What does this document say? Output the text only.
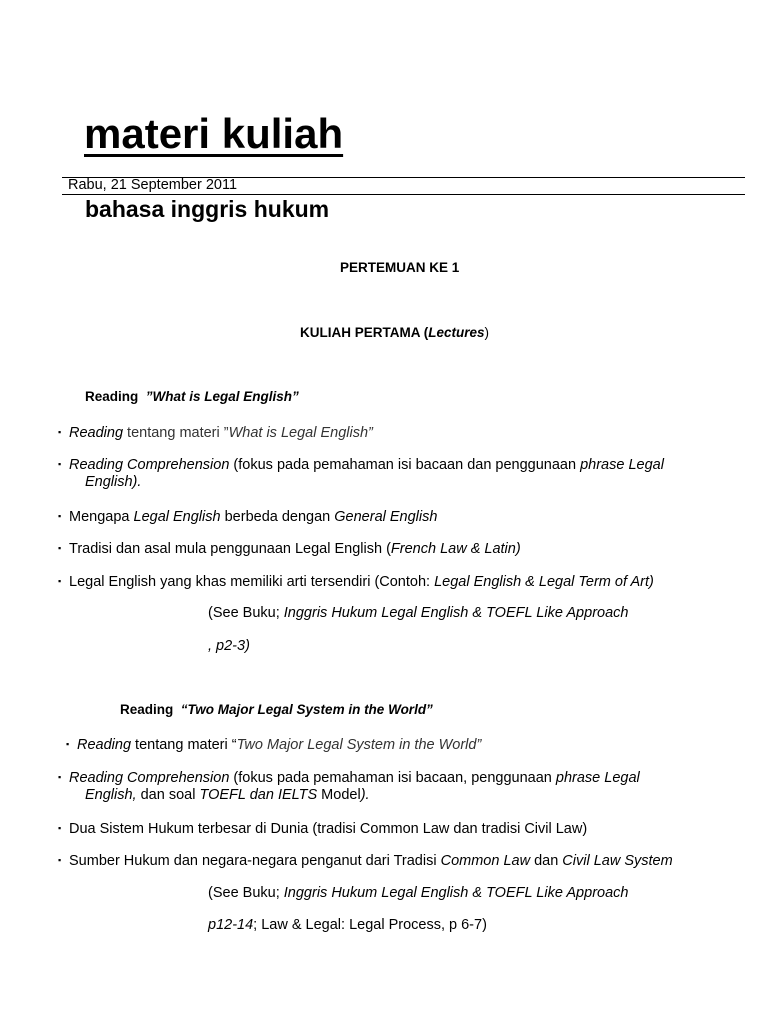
materi kuliah
Rabu, 21 September 2011
bahasa inggris hukum
PERTEMUAN KE 1
KULIAH PERTAMA (Lectures)
Reading ”What is Legal English”
▪ Reading tentang materi ”What is Legal English”
▪ Reading Comprehension (fokus pada pemahaman isi bacaan dan penggunaan phrase Legal
English).
▪ Mengapa Legal English berbeda dengan General English
▪ Tradisi dan asal mula penggunaan Legal English (French Law & Latin)
▪ Legal English yang khas memiliki arti tersendiri (Contoh: Legal English & Legal Term of Art)
(See Buku; Inggris Hukum Legal English & TOEFL Like Approach
, p2-3)
Reading “Two Major Legal System in the World”
▪ Reading tentang materi “Two Major Legal System in the World”
▪ Reading Comprehension (fokus pada pemahaman isi bacaan, penggunaan phrase Legal
English, dan soal TOEFL dan IELTS Model).
▪ Dua Sistem Hukum terbesar di Dunia (tradisi Common Law dan tradisi Civil Law)
▪ Sumber Hukum dan negara-negara penganut dari Tradisi Common Law dan Civil Law System
(See Buku; Inggris Hukum Legal English & TOEFL Like Approach
p12-14; Law & Legal: Legal Process, p 6-7)
